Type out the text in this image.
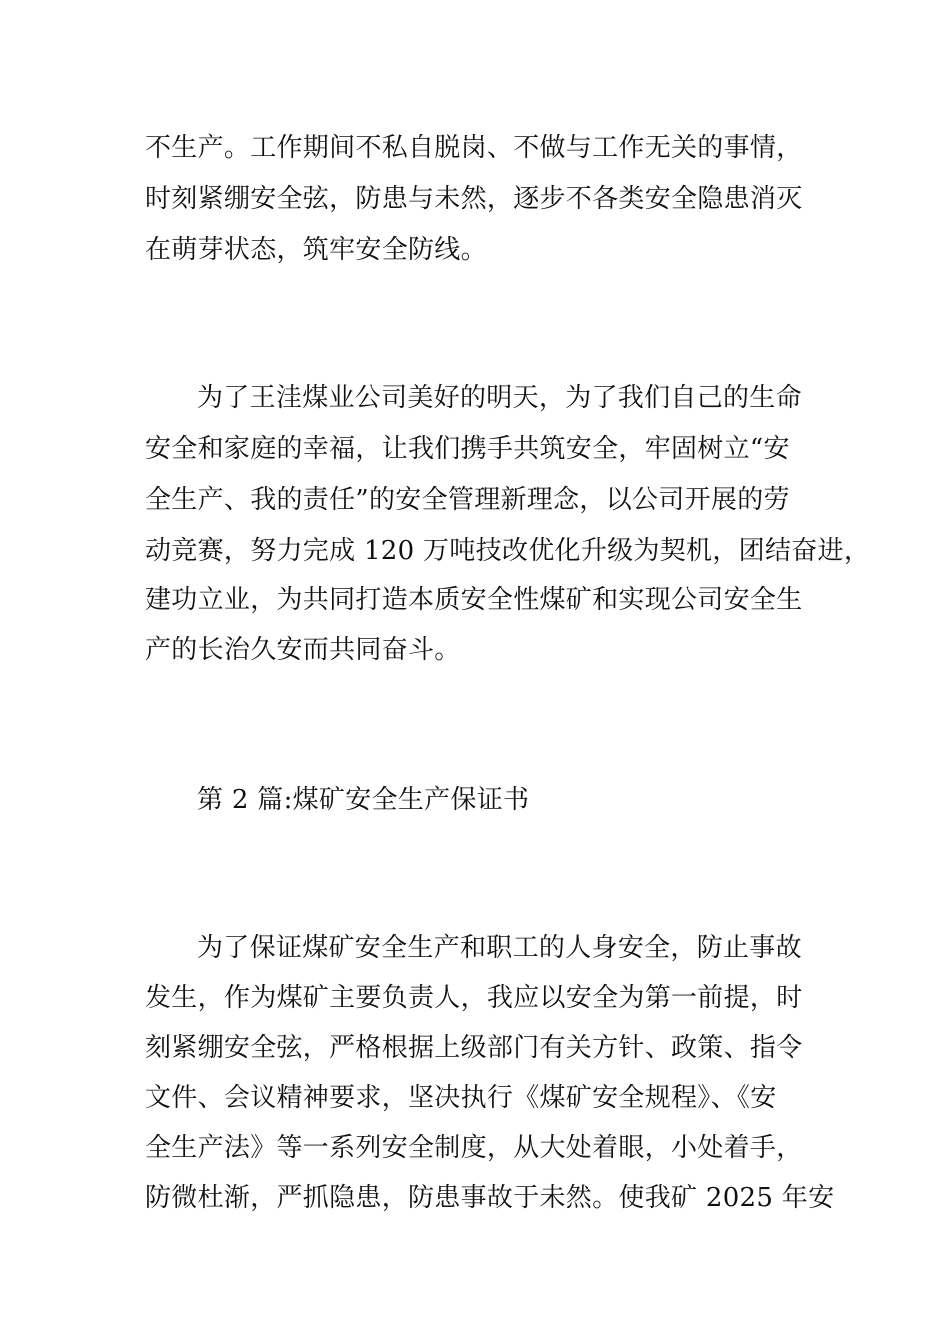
不生产。工作期间不私自脱岗、不做与工作无关的事情，
时刻紧绷安全弦，防患与未然，逐步不各类安全隐患消灭
在萌芽状态，筑牢安全防线。
为了王洼煤业公司美好的明天，为了我们自己的生命
安全和家庭的幸福，让我们携手共筑安全，牢固树立“安
全生产、我的责任”的安全管理新理念，以公司开展的劳
动竞赛，努力完成 120 万吨技改优化升级为契机，团结奋进，
建功立业，为共同打造本质安全性煤矿和实现公司安全生
产的长治久安而共同奋斗。
第 2 篇:煤矿安全生产保证书
为了保证煤矿安全生产和职工的人身安全，防止事故
发生，作为煤矿主要负责人，我应以安全为第一前提，时
刻紧绷安全弦，严格根据上级部门有关方针、政策、指令
文件、会议精神要求，坚决执行《煤矿安全规程》、《安
全生产法》等一系列安全制度，从大处着眼，小处着手，
防微杜渐，严抓隐患，防患事故于未然。使我矿 2025 年安
